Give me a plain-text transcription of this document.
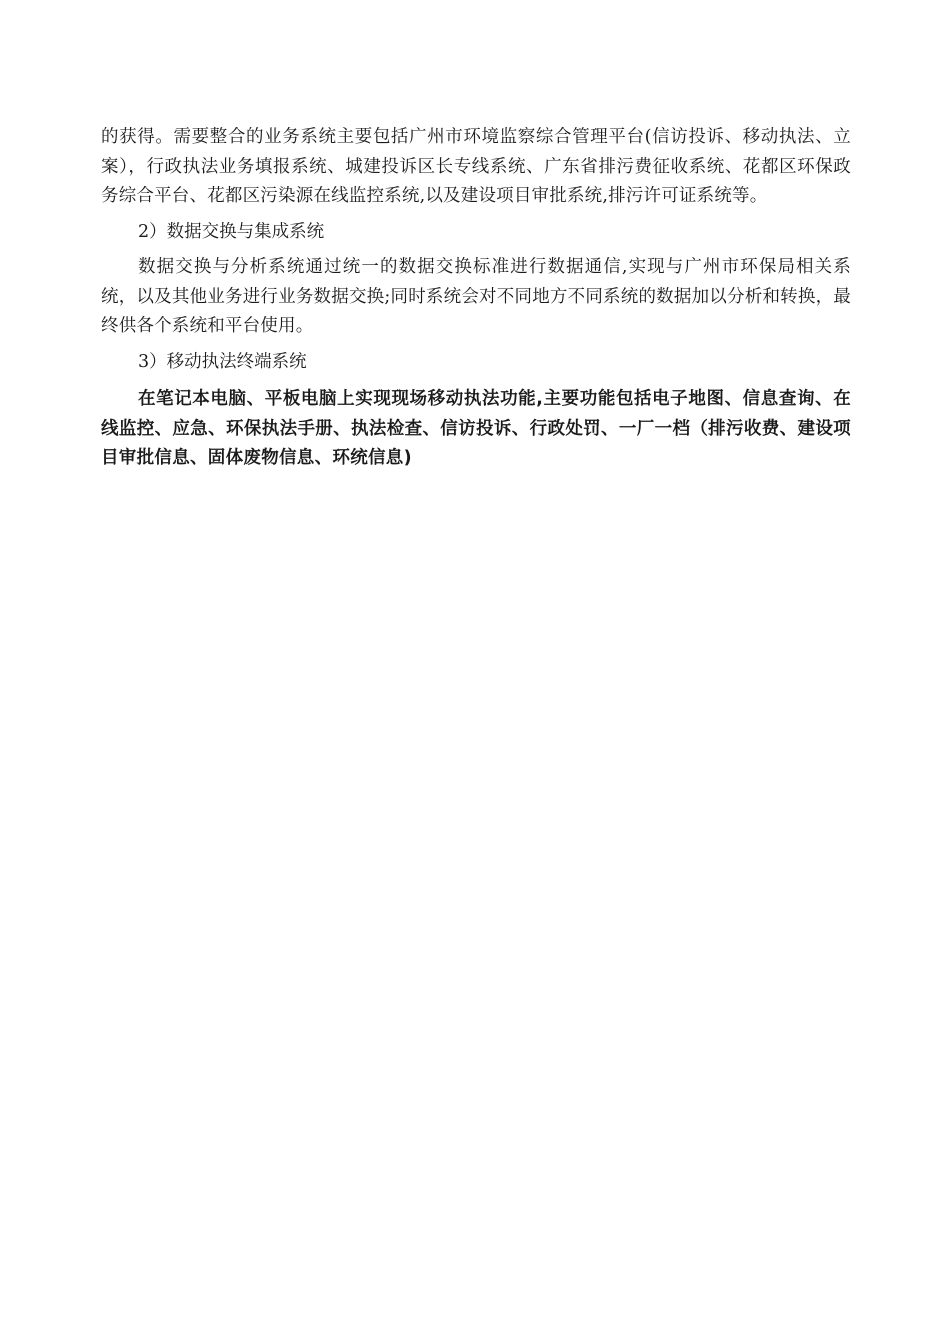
的获得。需要整合的业务系统主要包括广州市环境监察综合管理平台(信访投诉、移动执法、立案），行政执法业务填报系统、城建投诉区长专线系统、广东省排污费征收系统、花都区环保政务综合平台、花都区污染源在线监控系统,以及建设项目审批系统,排污许可证系统等。

2）数据交换与集成系统

数据交换与分析系统通过统一的数据交换标准进行数据通信,实现与广州市环保局相关系统，以及其他业务进行业务数据交换;同时系统会对不同地方不同系统的数据加以分析和转换，最终供各个系统和平台使用。

3）移动执法终端系统

在笔记本电脑、平板电脑上实现现场移动执法功能,主要功能包括电子地图、信息查询、在线监控、应急、环保执法手册、执法检查、信访投诉、行政处罚、一厂一档（排污收费、建设项目审批信息、固体废物信息、环统信息)
